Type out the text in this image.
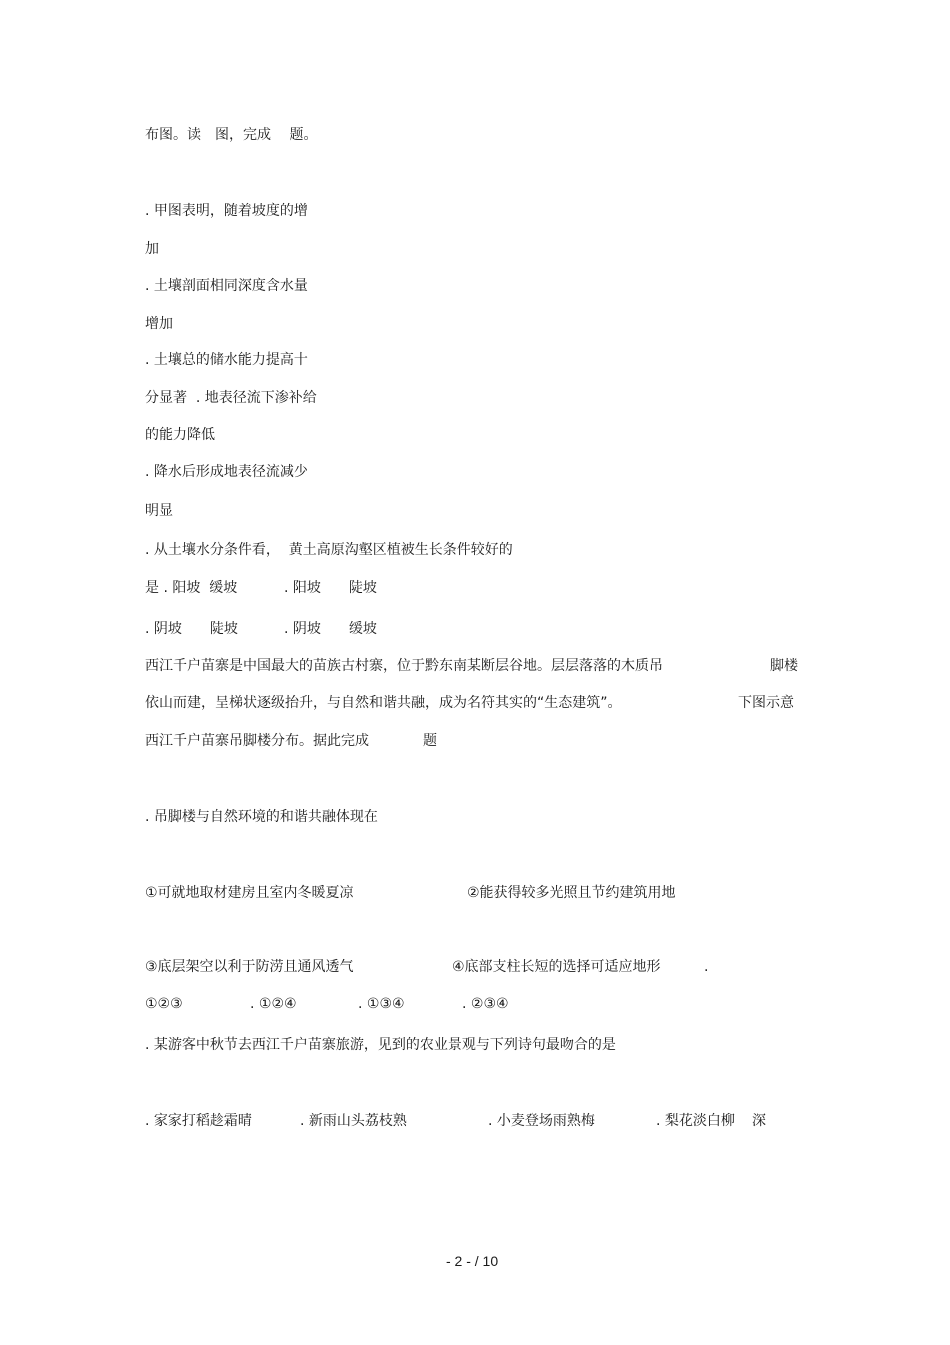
布图。读　图，完成　 题。
. 甲图表明，随着坡度的增
加
. 土壤剖面相同深度含水量
增加
. 土壤总的储水能力提高十
分显著  . 地表径流下渗补给
的能力降低
. 降水后形成地表径流减少
明显
. 从土壤水分条件看，  黄土高原沟壑区植被生长条件较好的
是 . 阳坡  缓坡	. 阳坡　　陡坡
. 阴坡　　陡坡	. 阴坡　　缓坡
西江千户苗寨是中国最大的苗族古村寨，位于黔东南某断层谷地。层层落落的木质吊	脚楼
依山而建，呈梯状逐级抬升，与自然和谐共融，成为名符其实的“生态建筑”。	下图示意
西江千户苗寨吊脚楼分布。据此完成	题
. 吊脚楼与自然环境的和谐共融体现在
①可就地取材建房且室内冬暖夏凉	②能获得较多光照且节约建筑用地
③底层架空以利于防涝且通风透气	④底部支柱长短的选择可适应地形	.
①②③	. ①②④	. ①③④	. ②③④
. 某游客中秋节去西江千户苗寨旅游，见到的农业景观与下列诗句最吻合的是
. 家家打稻趁霜晴	. 新雨山头荔枝熟	. 小麦登场雨熟梅	. 梨花淡白柳 深
- 2 - / 10
